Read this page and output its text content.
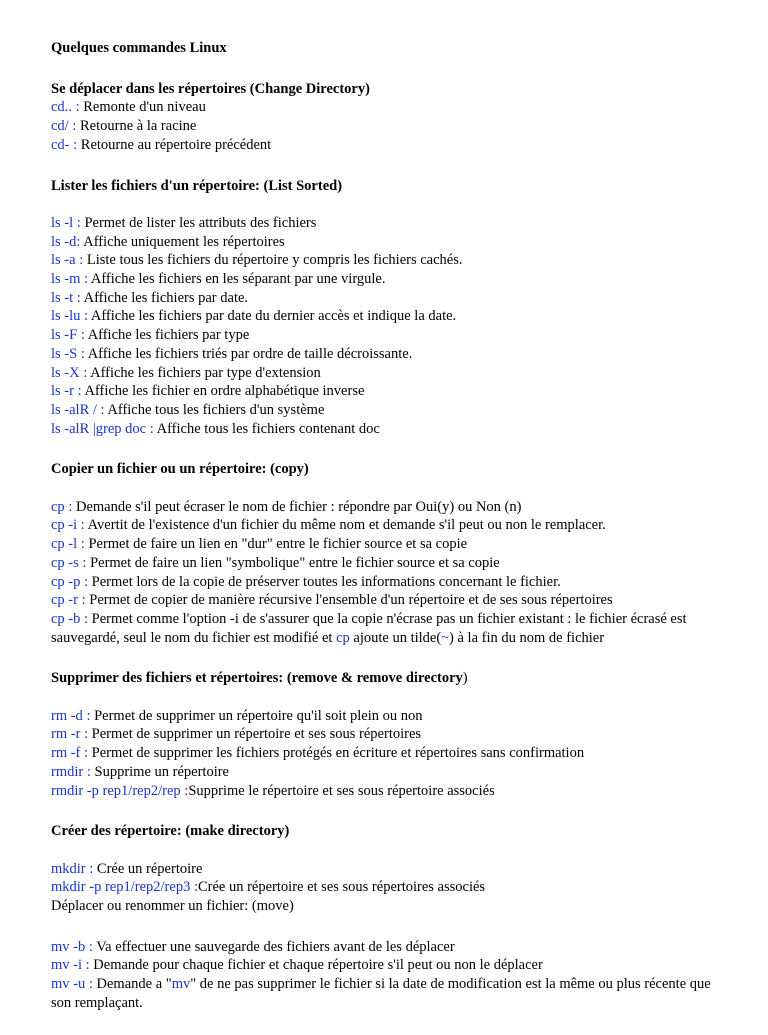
Quelques commandes Linux
Se déplacer dans les répertoires (Change Directory)
cd.. : Remonte d'un niveau
cd/ : Retourne à la racine
cd- : Retourne au répertoire précédent
Lister les fichiers d'un répertoire: (List Sorted)
ls -l : Permet de lister les attributs des fichiers
ls -d: Affiche uniquement les répertoires
ls -a : Liste tous les fichiers du répertoire y compris les fichiers cachés.
ls -m : Affiche les fichiers en les séparant par une virgule.
ls -t : Affiche les fichiers par date.
ls -lu : Affiche les fichiers par date du dernier accès et indique la date.
ls -F : Affiche les fichiers par type
ls -S : Affiche les fichiers triés par ordre de taille décroissante.
ls -X : Affiche les fichiers par type d'extension
ls -r : Affiche les fichier en ordre alphabétique inverse
ls -alR / : Affiche tous les fichiers d'un système
ls -alR |grep doc : Affiche tous les fichiers contenant doc
Copier un fichier ou un répertoire: (copy)
cp : Demande s'il peut écraser le nom de fichier : répondre par Oui(y) ou Non (n)
cp -i : Avertit de l'existence d'un fichier du même nom et demande s'il peut ou non le remplacer.
cp -l : Permet de faire un lien en "dur" entre le fichier source et sa copie
cp -s : Permet de faire un lien "symbolique" entre le fichier source et sa copie
cp -p : Permet lors de la copie de préserver toutes les informations concernant le fichier.
cp -r : Permet de copier de manière récursive l'ensemble d'un répertoire et de ses sous répertoires
cp -b : Permet comme l'option -i de s'assurer que la copie n'écrase pas un fichier existant : le fichier écrasé est sauvegardé, seul le nom du fichier est modifié et cp ajoute un tilde(~) à la fin du nom de fichier
Supprimer des fichiers et répertoires: (remove & remove directory)
rm -d : Permet de supprimer un répertoire qu'il soit plein ou non
rm -r : Permet de supprimer un répertoire et ses sous répertoires
rm -f : Permet de supprimer les fichiers protégés en écriture et répertoires sans confirmation
rmdir : Supprime un répertoire
rmdir -p rep1/rep2/rep :Supprime le répertoire et ses sous répertoire associés
Créer des répertoire: (make directory)
mkdir : Crée un répertoire
mkdir -p rep1/rep2/rep3 :Crée un répertoire et ses sous répertoires associés
Déplacer ou renommer un fichier: (move)
mv -b : Va effectuer une sauvegarde des fichiers avant de les déplacer
mv -i : Demande pour chaque fichier et chaque répertoire s'il peut ou non le déplacer
mv -u : Demande a "mv" de ne pas supprimer le fichier si la date de modification est la même ou plus récente que son remplaçant.
